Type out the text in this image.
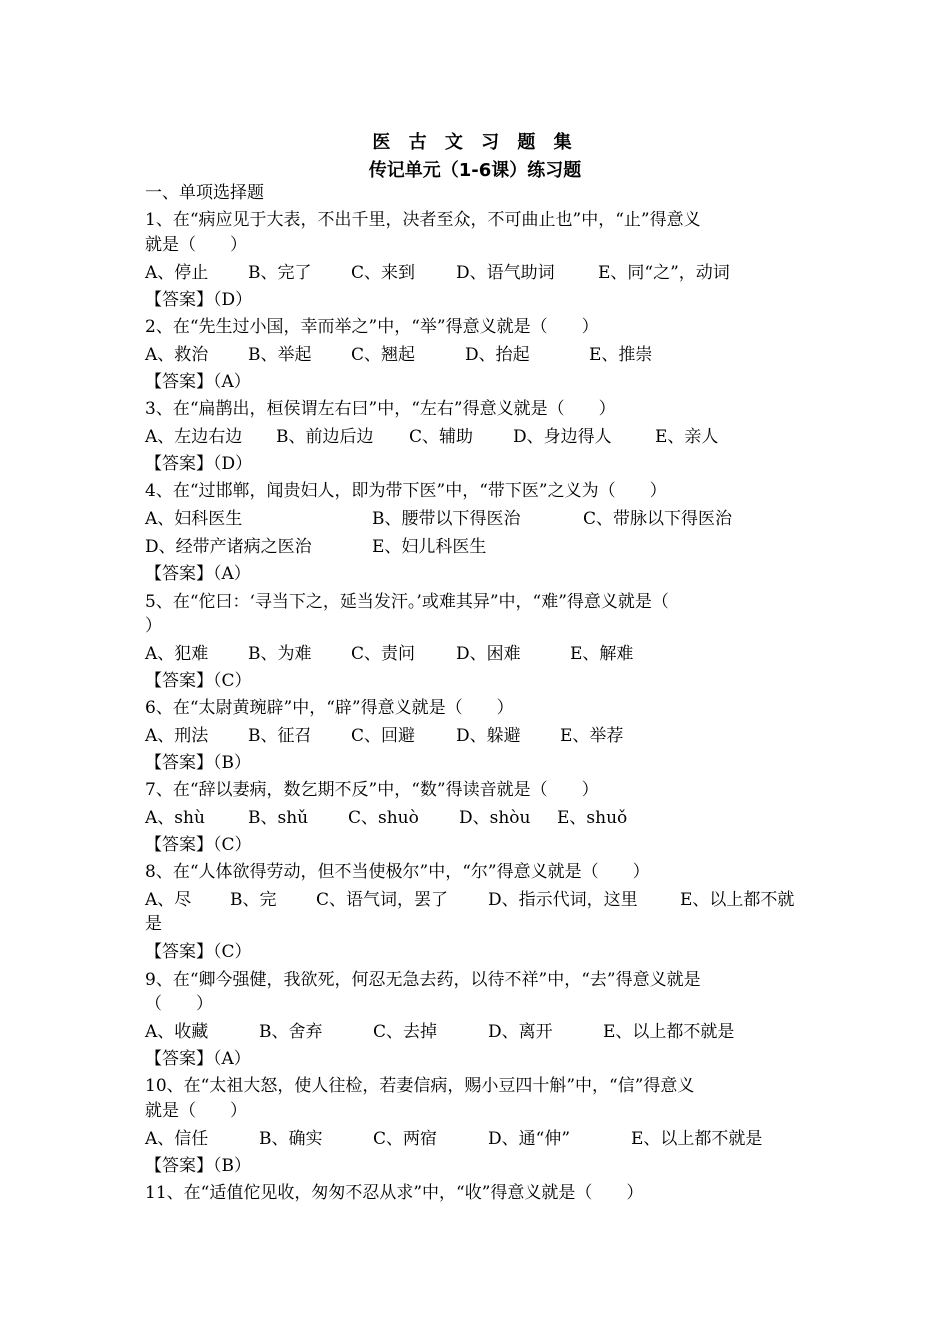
医 古 文 习 题 集
传记单元（1-6课）练习题
一、单项选择题
1、在“病应见于大表，不出千里，决者至众，不可曲止也”中，“止”得意义
就是（　　）
A、停止 B、完了 C、来到 D、语气助词	E、同“之”，动词
【答案】（D）
2、在“先生过小国，幸而举之”中，“举”得意义就是（　　）
A、救治 B、举起 C、翘起	D、抬起	E、推崇
【答案】（A）
3、在“扁鹊出，桓侯谓左右曰”中，“左右”得意义就是（　　）
A、左边右边 B、前边后边 C、辅助 D、身边得人	E、亲人
【答案】（D）
4、在“过邯郸，闻贵妇人，即为带下医”中，“带下医”之义为（　　）
A、妇科医生	B、腰带以下得医治	C、带脉以下得医治
D、经带产诸病之医治	E、妇儿科医生
【答案】（A）
5、在“佗曰：‘寻当下之，延当发汗。’或难其异”中，“难”得意义就是（
）
A、犯难 B、为难 C、责问 D、困难	E、解难
【答案】（C）
6、在“太尉黄琬辟”中，“辟”得意义就是（　　）
A、刑法 B、征召 C、回避 D、躲避 E、举荐
【答案】（B）
7、在“辞以妻病，数乞期不反”中，“数”得读音就是（　　）
A、shù	B、shǔ C、shuò D、shòu E、shuǒ
【答案】（C）
8、在“人体欲得劳动，但不当使极尔”中，“尔”得意义就是（　　）
A、尽 B、完 C、语气词，罢了 D、指示代词，这里 E、以上都不就
是
【答案】（C）
9、在“卿今强健，我欲死，何忍无急去药，以待不祥”中，“去”得意义就是
（　　）
A、收藏	B、舍弃	C、去掉	D、离开	E、以上都不就是
【答案】（A）
10、在“太祖大怒，使人往检，若妻信病，赐小豆四十斛”中，“信”得意义
就是（　　）
A、信任	B、确实	C、两宿	D、通“伸”	E、以上都不就是
【答案】（B）
11、在“适值佗见收，匆匆不忍从求”中，“收”得意义就是（　　）
